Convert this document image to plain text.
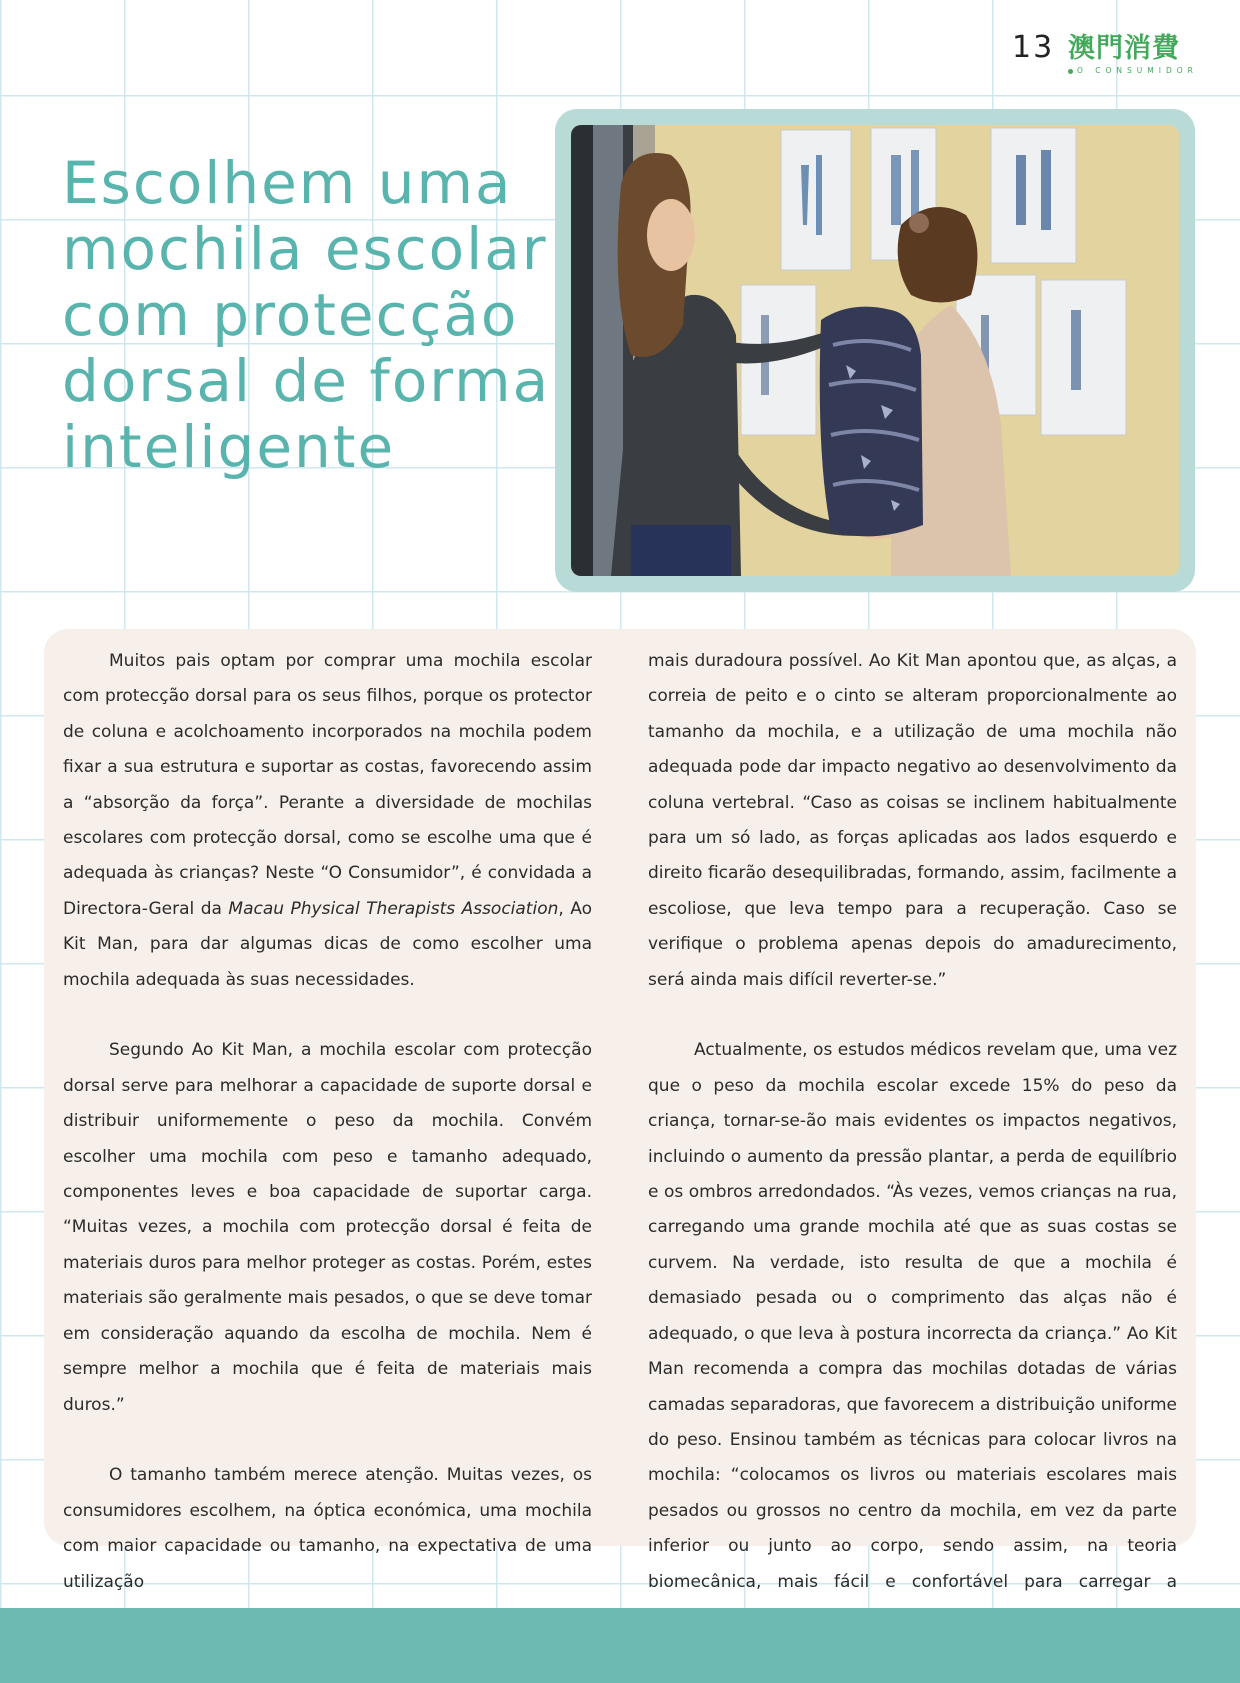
13 澳門消費
O CONSUMIDOR
Escolhem uma mochila escolar com protecção dorsal de forma inteligente

Muitos pais optam por comprar uma mochila escolar com protecção dorsal para os seus filhos, porque os protector de coluna e acolchoamento incorporados na mochila podem fixar a sua estrutura e suportar as costas, favorecendo assim a “absorção da força”. Perante a diversidade de mochilas escolares com protecção dorsal, como se escolhe uma que é adequada às crianças? Neste “O Consumidor”, é convidada a Directora-Geral da Macau Physical Therapists Association, Ao Kit Man, para dar algumas dicas de como escolher uma mochila adequada às suas necessidades.

Segundo Ao Kit Man, a mochila escolar com protecção dorsal serve para melhorar a capacidade de suporte dorsal e distribuir uniformemente o peso da mochila. Convém escolher uma mochila com peso e tamanho adequado, componentes leves e boa capacidade de suportar carga. “Muitas vezes, a mochila com protecção dorsal é feita de materiais duros para melhor proteger as costas. Porém, estes materiais são geralmente mais pesados, o que se deve tomar em consideração aquando da escolha de mochila. Nem é sempre melhor a mochila que é feita de materiais mais duros.”

O tamanho também merece atenção. Muitas vezes, os consumidores escolhem, na óptica económica, uma mochila com maior capacidade ou tamanho, na expectativa de uma utilização

mais duradoura possível. Ao Kit Man apontou que, as alças, a correia de peito e o cinto se alteram proporcionalmente ao tamanho da mochila, e a utilização de uma mochila não adequada pode dar impacto negativo ao desenvolvimento da coluna vertebral. “Caso as coisas se inclinem habitualmente para um só lado, as forças aplicadas aos lados esquerdo e direito ficarão desequilibradas, formando, assim, facilmente a escoliose, que leva tempo para a recuperação. Caso se verifique o problema apenas depois do amadurecimento, será ainda mais difícil reverter-se.”

Actualmente, os estudos médicos revelam que, uma vez que o peso da mochila escolar excede 15% do peso da criança, tornar-se-ão mais evidentes os impactos negativos, incluindo o aumento da pressão plantar, a perda de equilíbrio e os ombros arredondados. “Às vezes, vemos crianças na rua, carregando uma grande mochila até que as suas costas se curvem. Na verdade, isto resulta de que a mochila é demasiado pesada ou o comprimento das alças não é adequado, o que leva à postura incorrecta da criança.” Ao Kit Man recomenda a compra das mochilas dotadas de várias camadas separadoras, que favorecem a distribuição uniforme do peso. Ensinou também as técnicas para colocar livros na mochila: “colocamos os livros ou materiais escolares mais pesados ou grossos no centro da mochila, em vez da parte inferior ou junto ao corpo, sendo assim, na teoria biomecânica, mais fácil e confortável para carregar a
